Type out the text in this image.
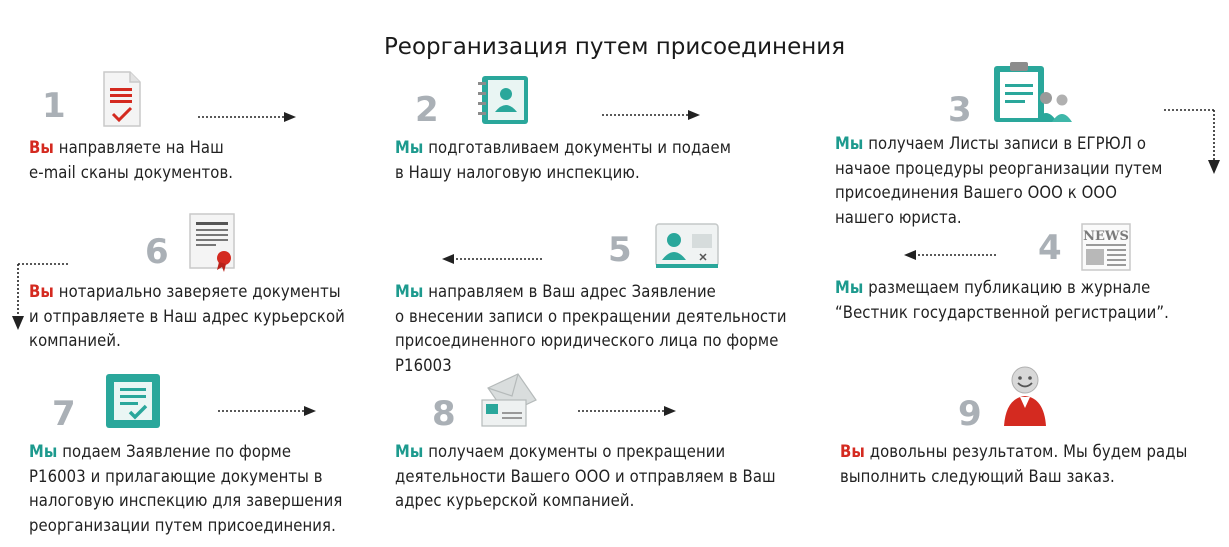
Реорганизация путем присоединения
1
Вы направляете на Наш
e-mail сканы документов.
2
Мы подготавливаем документы и подаем
в Нашу налоговую инспекцию.
3
Мы получаем Листы записи в ЕГРЮЛ о
начаое процедуры реорганизации путем
присоединения Вашего ООО к ООО
нашего юриста.
4 NEWS
Мы размещаем публикацию в журнале
“Вестник государственной регистрации”.
5
Мы направляем в Ваш адрес Заявление
о внесении записи о прекращении деятельности
присоединенного юридического лица по форме
Р16003
6
Вы нотариально заверяете документы
и отправляете в Наш адрес курьерской
компанией.
7
Мы подаем Заявление по форме
Р16003 и прилагающие документы в
налоговую инспекцию для завершения
реорганизации путем присоединения.
8
Мы получаем документы о прекращении
деятельности Вашего ООО и отправляем в Ваш
адрес курьерской компанией.
9
Вы довольны результатом. Мы будем рады
выполнить следующий Ваш заказ.
